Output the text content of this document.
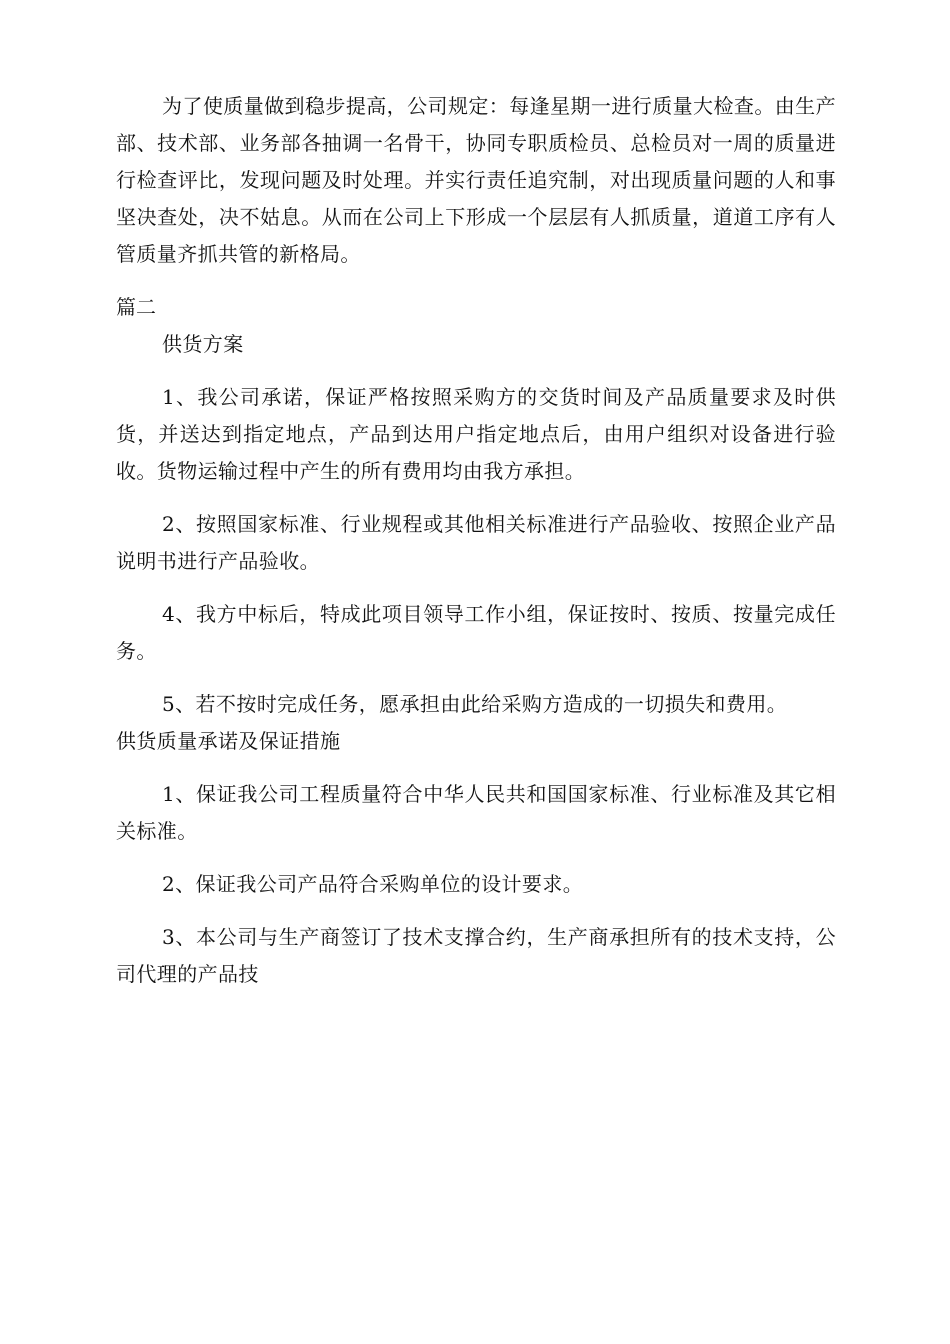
为了使质量做到稳步提高，公司规定：每逢星期一进行质量大检查。由生产部、技术部、业务部各抽调一名骨干，协同专职质检员、总检员对一周的质量进行检查评比，发现问题及时处理。并实行责任追究制，对出现质量问题的人和事坚决查处，决不姑息。从而在公司上下形成一个层层有人抓质量，道道工序有人管质量齐抓共管的新格局。

篇二

供货方案

1、我公司承诺，保证严格按照采购方的交货时间及产品质量要求及时供货，并送达到指定地点，产品到达用户指定地点后，由用户组织对设备进行验收。货物运输过程中产生的所有费用均由我方承担。

2、按照国家标准、行业规程或其他相关标准进行产品验收、按照企业产品说明书进行产品验收。

4、我方中标后，特成此项目领导工作小组，保证按时、按质、按量完成任务。

5、若不按时完成任务，愿承担由此给采购方造成的一切损失和费用。

供货质量承诺及保证措施

1、保证我公司工程质量符合中华人民共和国国家标准、行业标准及其它相关标准。

2、保证我公司产品符合采购单位的设计要求。

3、本公司与生产商签订了技术支撑合约，生产商承担所有的技术支持，公司代理的产品技
